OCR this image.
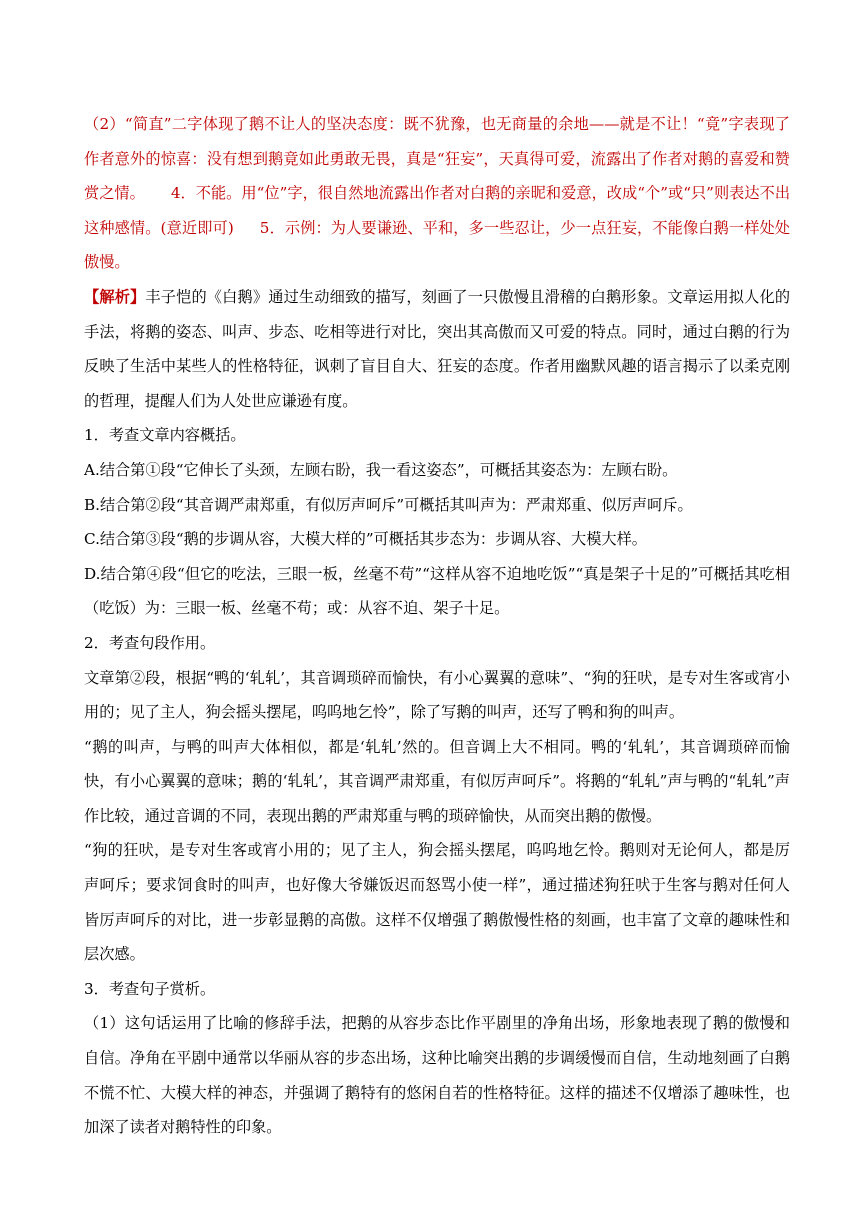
（2）“简直”二字体现了鹅不让人的坚决态度：既不犹豫，也无商量的余地——就是不让！“竟”字表现了作者意外的惊喜：没有想到鹅竟如此勇敢无畏，真是“狂妄”，天真得可爱，流露出了作者对鹅的喜爱和赞赏之情。 4．不能。用“位”字，很自然地流露出作者对白鹅的亲昵和爱意，改成“个”或“只”则表达不出这种感情。(意近即可) 5．示例：为人要谦逊、平和，多一些忍让，少一点狂妄，不能像白鹅一样处处傲慢。

【解析】丰子恺的《白鹅》通过生动细致的描写，刻画了一只傲慢且滑稽的白鹅形象。文章运用拟人化的手法，将鹅的姿态、叫声、步态、吃相等进行对比，突出其高傲而又可爱的特点。同时，通过白鹅的行为反映了生活中某些人的性格特征，讽刺了盲目自大、狂妄的态度。作者用幽默风趣的语言揭示了以柔克刚的哲理，提醒人们为人处世应谦逊有度。

1．考查文章内容概括。

A.结合第①段“它伸长了头颈，左顾右盼，我一看这姿态”，可概括其姿态为：左顾右盼。

B.结合第②段“其音调严肃郑重，有似厉声呵斥”可概括其叫声为：严肃郑重、似厉声呵斥。

C.结合第③段“鹅的步调从容，大模大样的”可概括其步态为：步调从容、大模大样。

D.结合第④段“但它的吃法，三眼一板，丝毫不苟”“这样从容不迫地吃饭”“真是架子十足的”可概括其吃相（吃饭）为：三眼一板、丝毫不苟；或：从容不迫、架子十足。

2．考查句段作用。

文章第②段，根据“鸭的‘轧轧’，其音调琐碎而愉快，有小心翼翼的意味”、“狗的狂吠，是专对生客或宵小用的；见了主人，狗会摇头摆尾，呜呜地乞怜”，除了写鹅的叫声，还写了鸭和狗的叫声。

“鹅的叫声，与鸭的叫声大体相似，都是‘轧轧’然的。但音调上大不相同。鸭的‘轧轧’，其音调琐碎而愉快，有小心翼翼的意味；鹅的‘轧轧’，其音调严肃郑重，有似厉声呵斥”。将鹅的“轧轧”声与鸭的“轧轧”声作比较，通过音调的不同，表现出鹅的严肃郑重与鸭的琐碎愉快，从而突出鹅的傲慢。

“狗的狂吠，是专对生客或宵小用的；见了主人，狗会摇头摆尾，呜呜地乞怜。鹅则对无论何人，都是厉声呵斥；要求饲食时的叫声，也好像大爷嫌饭迟而怒骂小使一样”，通过描述狗狂吠于生客与鹅对任何人皆厉声呵斥的对比，进一步彰显鹅的高傲。这样不仅增强了鹅傲慢性格的刻画，也丰富了文章的趣味性和层次感。

3．考查句子赏析。

（1）这句话运用了比喻的修辞手法，把鹅的从容步态比作平剧里的净角出场，形象地表现了鹅的傲慢和自信。净角在平剧中通常以华丽从容的步态出场，这种比喻突出鹅的步调缓慢而自信，生动地刻画了白鹅不慌不忙、大模大样的神态，并强调了鹅特有的悠闲自若的性格特征。这样的描述不仅增添了趣味性，也加深了读者对鹅特性的印象。
